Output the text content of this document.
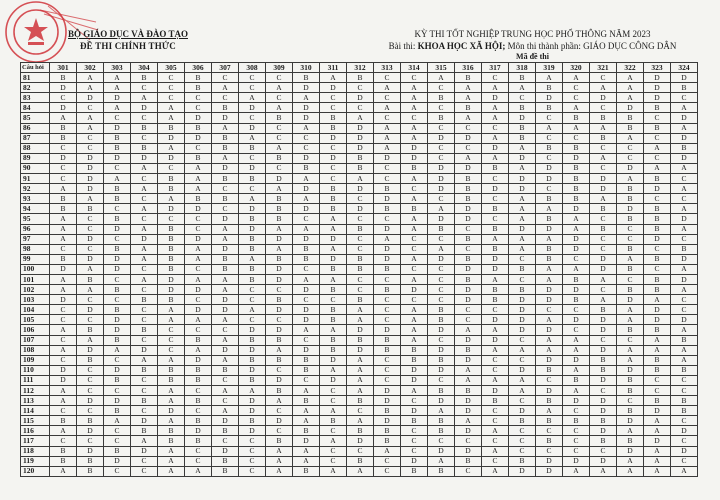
BỘ GIÁO DỤC VÀ ĐÀO TẠO
ĐỀ THI CHÍNH THỨC
KỲ THI TỐT NGHIỆP TRUNG HỌC PHỔ THÔNG NĂM 2023
Bài thi: KHOA HỌC XÃ HỘI; Môn thi thành phần: GIÁO DỤC CÔNG DÂN
Mã đề thi
Câu hỏi	301	302	303	304	305	306	307	308	309	310	311	312	313	314	315	316	317	318	319	320	321	322	323	324
81	B	A	A	B	C	B	C	C	C	B	A	B	C	C	A	B	C	B	A	A	C	A	D	D
82	D	A	A	C	C	B	A	C	A	D	D	C	A	A	C	A	A	A	B	C	A	A	D	B
83	C	D	D	A	C	C	C	A	C	A	C	D	C	A	B	A	D	C	D	C	D	A	D	C
84	D	C	A	D	A	C	B	D	A	D	C	C	A	A	C	B	A	B	B	A	C	D	B	A
85	A	A	C	C	A	D	D	C	B	D	B	A	C	C	B	A	A	D	C	B	B	B	C	D
86	B	A	D	B	B	B	A	D	C	A	B	D	A	A	C	C	C	B	A	A	A	B	B	A
87	B	C	B	C	D	D	B	A	C	C	D	D	A	A	D	D	A	B	C	C	B	A	C	D
88	C	C	B	B	A	C	B	B	A	C	C	D	A	D	C	C	D	A	B	B	C	C	A	B
89	D	D	D	D	D	B	A	C	B	D	D	B	D	D	C	A	A	D	C	D	A	C	C	D
90	C	D	C	A	C	A	D	D	C	B	C	B	C	B	D	D	B	A	D	B	C	D	A	A
91	C	D	A	C	B	A	B	B	D	A	C	A	C	A	D	B	C	D	D	B	D	A	B	C
92	A	D	B	A	B	A	C	C	A	D	B	D	B	C	D	B	D	D	C	B	D	B	D	A
93	B	A	B	C	A	B	B	A	B	A	B	C	D	A	C	B	C	A	B	B	A	B	C	C
94	B	B	C	A	D	D	C	D	B	D	B	D	B	B	A	D	B	A	A	D	B	D	B	A
95	A	C	B	C	C	C	D	B	B	C	A	C	C	A	D	D	C	A	B	A	C	B	B	D
96	A	C	D	A	B	C	A	D	A	A	A	B	D	A	B	C	B	D	D	A	B	C	B	A
97	A	D	C	D	B	D	A	B	D	D	D	C	A	C	C	B	A	A	A	D	C	C	D	C
98	C	C	B	A	B	A	D	B	A	B	A	C	D	C	A	C	B	A	B	D	C	B	C	B
99	B	D	D	A	B	A	B	A	B	B	D	B	D	A	D	B	D	C	B	C	D	A	B	D
100	D	A	D	C	B	C	B	B	D	C	B	B	B	C	C	D	D	B	A	A	D	B	C	A
101	A	B	C	A	D	A	A	B	D	A	A	C	C	A	C	B	A	C	A	B	A	C	B	D
102	A	A	B	C	D	D	A	C	C	D	B	C	B	D	C	D	B	B	D	D	C	B	B	A
103	D	C	C	B	B	C	D	C	B	C	C	B	C	C	C	D	B	D	D	B	A	D	A	C
104	C	D	B	C	A	D	D	A	D	D	B	A	C	A	B	C	C	D	C	C	B	A	D	C
105	C	C	D	C	A	A	A	C	C	D	B	A	C	A	B	C	D	D	A	D	D	A	D	D
106	A	B	D	B	C	C	C	D	D	A	A	D	D	A	D	A	A	D	D	C	D	B	B	A
107	C	A	B	C	C	B	A	B	B	C	B	B	B	A	C	D	D	C	A	A	C	C	A	B
108	A	D	A	D	C	A	D	D	A	D	B	D	B	B	D	B	A	A	A	A	D	A	A	A
109	C	B	C	A	A	D	A	B	B	B	D	A	C	B	B	D	C	C	D	D	B	A	B	A
110	D	C	D	B	B	B	B	D	C	B	A	A	C	D	D	A	C	D	B	A	B	D	B	B
111	D	C	B	C	B	B	C	B	D	C	D	A	C	D	C	A	A	A	C	B	D	B	C	C
112	A	C	C	C	A	C	A	A	B	A	C	A	D	A	B	B	D	A	D	A	C	B	C	C
113	A	D	D	B	A	B	C	D	A	B	C	B	D	C	D	D	B	C	B	D	D	C	B	B
114	C	C	B	C	D	C	A	D	C	A	A	C	B	D	A	D	C	D	A	C	D	B	D	B
115	B	B	A	D	A	B	D	B	D	A	B	A	D	B	B	A	C	B	B	B	B	D	A	C
116	A	D	C	B	B	D	B	D	C	B	C	B	B	C	B	D	A	C	C	C	D	A	A	D
117	C	C	C	A	B	B	C	C	B	D	A	D	B	C	C	C	C	C	B	C	B	B	D	C
118	B	D	B	D	A	C	D	C	A	A	C	C	A	C	D	D	A	C	C	C	C	D	A	D
119	B	B	D	C	A	C	B	C	A	A	C	B	C	D	A	B	C	B	D	D	D	A	A	C
120	A	B	C	C	A	A	B	C	A	B	A	A	C	B	B	C	A	D	D	A	A	A	A	A
